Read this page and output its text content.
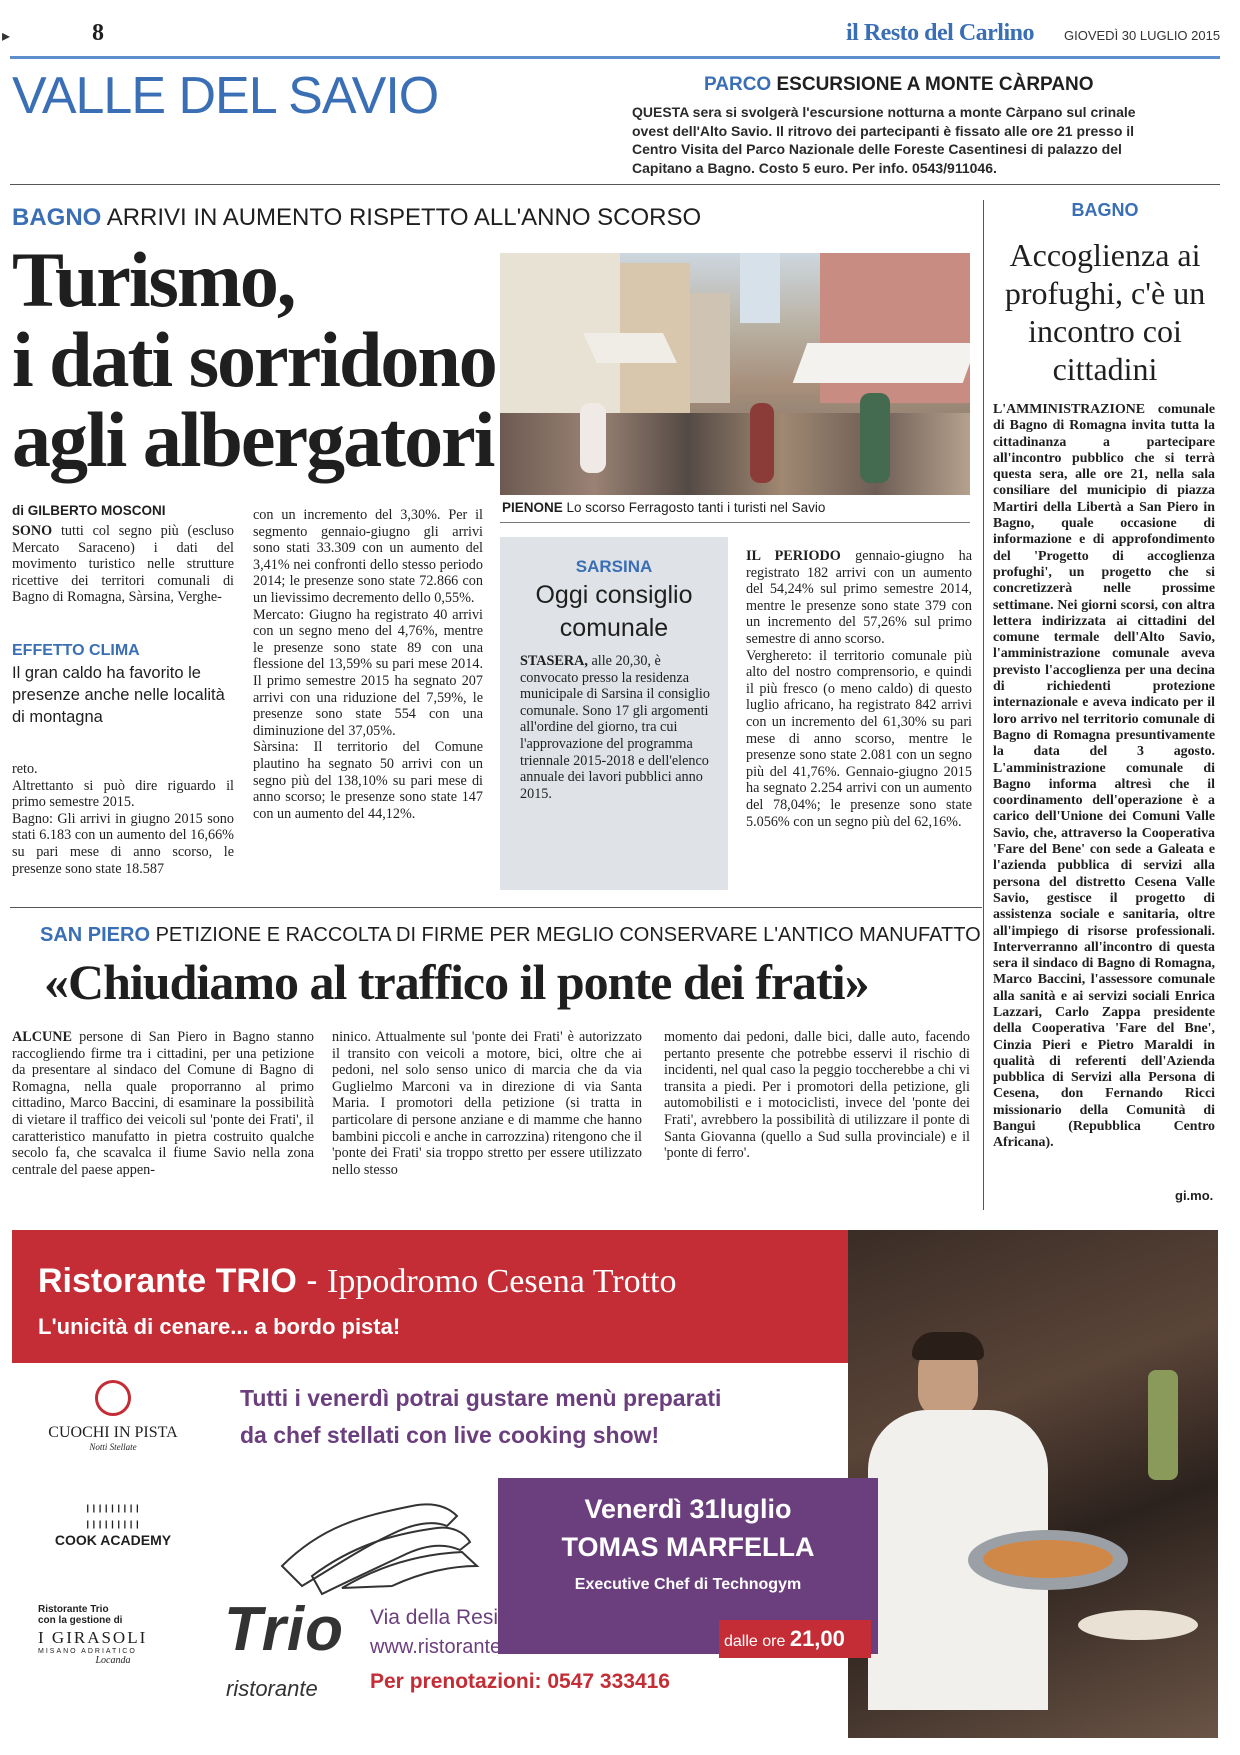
▸	8	il Resto del Carlino GIOVEDÌ 30 LUGLIO 2015
VALLE DEL SAVIO	PARCO ESCURSIONE A MONTE CÀRPANO
QUESTA sera si svolgerà l'escursione notturna a monte Càrpano sul crinale ovest dell'Alto Savio. Il ritrovo dei partecipanti è fissato alle ore 21 presso il Centro Visita del Parco Nazionale delle Foreste Casentinesi di palazzo del Capitano a Bagno. Costo 5 euro. Per info. 0543/911046.
BAGNO ARRIVI IN AUMENTO RISPETTO ALL'ANNO SCORSO
Turismo,
i dati sorridono
agli albergatori
PIENONE Lo scorso Ferragosto tanti i turisti nel Savio
di GILBERTO MOSCONI

SONO tutti col segno più (escluso Mercato Saraceno) i dati del movimento turistico nelle strutture ricettive dei territori comunali di Bagno di Romagna, Sàrsina, Verghe-

EFFETTO CLIMA
Il gran caldo ha favorito le presenze anche nelle località di montagna

reto.

Altrettanto si può dire riguardo il primo semestre 2015.

Bagno: Gli arrivi in giugno 2015 sono stati 6.183 con un aumento del 16,66% su pari mese di anno scorso, le presenze sono state 18.587

con un incremento del 3,30%. Per il segmento gennaio-giugno gli arrivi sono stati 33.309 con un aumento del 3,41% nei confronti dello stesso periodo 2014; le presenze sono state 72.866 con un lievissimo decremento dello 0,55%.

Mercato: Giugno ha registrato 40 arrivi con un segno meno del 4,76%, mentre le presenze sono state 89 con una flessione del 13,59% su pari mese 2014. Il primo semestre 2015 ha segnato 207 arrivi con una riduzione del 7,59%, le presenze sono state 554 con una diminuzione del 37,05%.

Sàrsina: Il territorio del Comune plautino ha segnato 50 arrivi con un segno più del 138,10% su pari mese di anno scorso; le presenze sono state 147 con un aumento del 44,12%.

SARSINA
Oggi consiglio comunale
STASERA, alle 20,30, è convocato presso la residenza municipale di Sarsina il consiglio comunale. Sono 17 gli argomenti all'ordine del giorno, tra cui l'approvazione del programma triennale 2015-2018 e dell'elenco annuale dei lavori pubblici anno 2015.

IL PERIODO gennaio-giugno ha registrato 182 arrivi con un aumento del 54,24% sul primo semestre 2014, mentre le presenze sono state 379 con un incremento del 57,26% sul primo semestre di anno scorso.

Verghereto: il territorio comunale più alto del nostro comprensorio, e quindi il più fresco (o meno caldo) di questo luglio africano, ha registrato 842 arrivi con un incremento del 61,30% su pari mese di anno scorso, mentre le presenze sono state 2.081 con un segno più del 41,76%. Gennaio-giugno 2015 ha segnato 2.254 arrivi con un aumento del 78,04%; le presenze sono state 5.056% con un segno più del 62,16%.

BAGNO
Accoglienza ai profughi, c'è un incontro coi cittadini
L'AMMINISTRAZIONE comunale di Bagno di Romagna invita tutta la cittadinanza a partecipare all'incontro pubblico che si terrà questa sera, alle ore 21, nella sala consiliare del municipio di piazza Martiri della Libertà a San Piero in Bagno, quale occasione di informazione e di approfondimento del 'Progetto di accoglienza profughi', un progetto che si concretizzerà nelle prossime settimane. Nei giorni scorsi, con altra lettera indirizzata ai cittadini del comune termale dell'Alto Savio, l'amministrazione comunale aveva previsto l'accoglienza per una decina di richiedenti protezione internazionale e aveva indicato per il loro arrivo nel territorio comunale di Bagno di Romagna presuntivamente la data del 3 agosto. L'amministrazione comunale di Bagno informa altresì che il coordinamento dell'operazione è a carico dell'Unione dei Comuni Valle Savio, che, attraverso la Cooperativa 'Fare del Bene' con sede a Galeata e l'azienda pubblica di servizi alla persona del distretto Cesena Valle Savio, gestisce il progetto di assistenza sociale e sanitaria, oltre all'impiego di risorse professionali. Interverranno all'incontro di questa sera il sindaco di Bagno di Romagna, Marco Baccini, l'assessore comunale alla sanità e ai servizi sociali Enrica Lazzari, Carlo Zappa presidente della Cooperativa 'Fare del Bne', Cinzia Pieri e Pietro Maraldi in qualità di referenti dell'Azienda pubblica di Servizi alla Persona di Cesena, don Fernando Ricci missionario della Comunità di Bangui (Repubblica Centro Africana).
gi.mo.
SAN PIERO PETIZIONE E RACCOLTA DI FIRME PER MEGLIO CONSERVARE L'ANTICO MANUFATTO
«Chiudiamo al traffico il ponte dei frati»
ALCUNE persone di San Piero in Bagno stanno raccogliendo firme tra i cittadini, per una petizione da presentare al sindaco del Comune di Bagno di Romagna, nella quale proporranno al primo cittadino, Marco Baccini, di esaminare la possibilità di vietare il traffico dei veicoli sul 'ponte dei Frati', il caratteristico manufatto in pietra costruito qualche secolo fa, che scavalca il fiume Savio nella zona centrale del paese appen-
ninico. Attualmente sul 'ponte dei Frati' è autorizzato il transito con veicoli a motore, bici, oltre che ai pedoni, nel solo senso unico di marcia che da via Guglielmo Marconi va in direzione di via Santa Maria. I promotori della petizione (si tratta in particolare di persone anziane e di mamme che hanno bambini piccoli e anche in carrozzina) ritengono che il 'ponte dei Frati' sia troppo stretto per essere utilizzato nello stesso
momento dai pedoni, dalle bici, dalle auto, facendo pertanto presente che potrebbe esservi il rischio di incidenti, nel qual caso la peggio toccherebbe a chi vi transita a piedi. Per i promotori della petizione, gli automobilisti e i motociclisti, invece del 'ponte dei Frati', avrebbero la possibilità di utilizzare il ponte di Santa Giovanna (quello a Sud sulla provinciale) e il 'ponte di ferro'.
Ristorante TRIO - Ippodromo Cesena Trotto
L'unicità di cenare... a bordo pista!
Tutti i venerdì potrai gustare menù preparati
da chef stellati con live cooking show!
Venerdì 31luglio
TOMAS MARFELLA
Executive Chef di Technogym
dalle ore 21,00
CUOCHI IN PISTA
Notti Stellate
¦¦¦¦¦¦¦¦¦
COOK ACADEMY
Ristorante Trio
con la gestione di
I GIRASOLI
MISANO ADRIATICO
Locanda	Trio
ristorante
Via della Resistenza 4 - Cesena
www.ristorante-trio.it
Per prenotazioni: 0547 333416
